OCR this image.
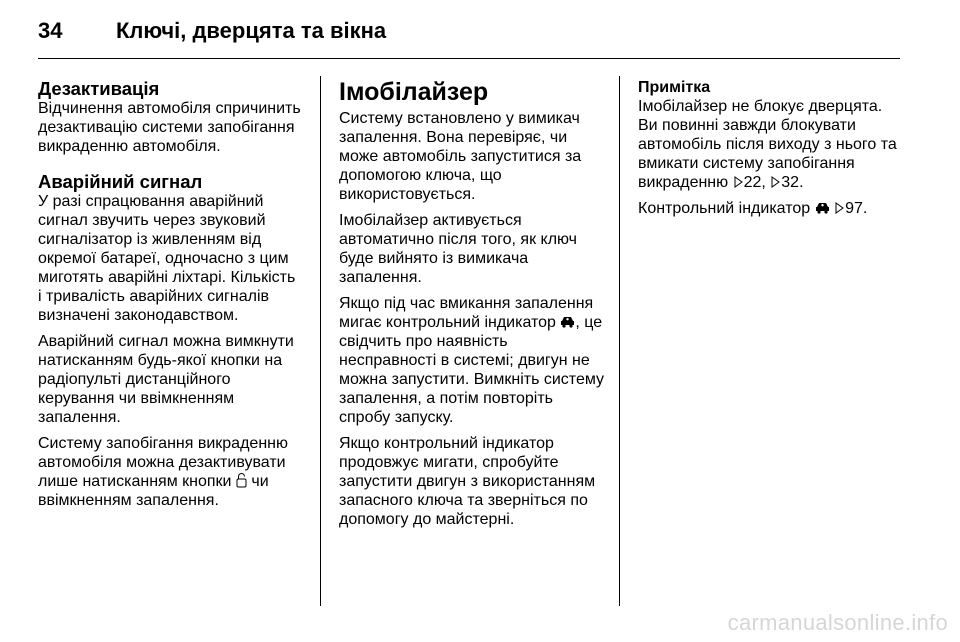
34 Ключі, дверцята та вікна
Дезактивація

Відчинення автомобіля спричинить
дезактивацію системи запобігання
викраденню автомобіля.

Аварійний сигнал

У разі спрацювання аварійний
сигнал звучить через звуковий
сигналізатор із живленням від
окремої батареї, одночасно з цим
миготять аварійні ліхтарі. Кількість
і тривалість аварійних сигналів
визначені законодавством.

Аварійний сигнал можна вимкнути
натисканням будь-якої кнопки на
радіопульті дистанційного
керування чи ввімкненням
запалення.

Систему запобігання викраденню
автомобіля можна дезактивувати
лише натисканням кнопки  чи
ввімкненням запалення.

Імобілайзер

Систему встановлено у вимикач
запалення. Вона перевіряє, чи
може автомобіль запуститися за
допомогою ключа, що
використовується.

Імобілайзер активується
автоматично після того, як ключ
буде вийнято із вимикача
запалення.

Якщо під час вмикання запалення
мигає контрольний індикатор , це
свідчить про наявність
несправності в системі; двигун не
можна запустити. Вимкніть систему
запалення, а потім повторіть
спробу запуску.

Якщо контрольний індикатор
продовжує мигати, спробуйте
запустити двигун з використанням
запасного ключа та зверніться по
допомогу до майстерні.

Примітка

Імобілайзер не блокує дверцята.
Ви повинні завжди блокувати
автомобіль після виходу з нього та
вмикати систему запобігання
викраденню 22, 32.

Контрольний індикатор  97.

carmanualsonline.info
